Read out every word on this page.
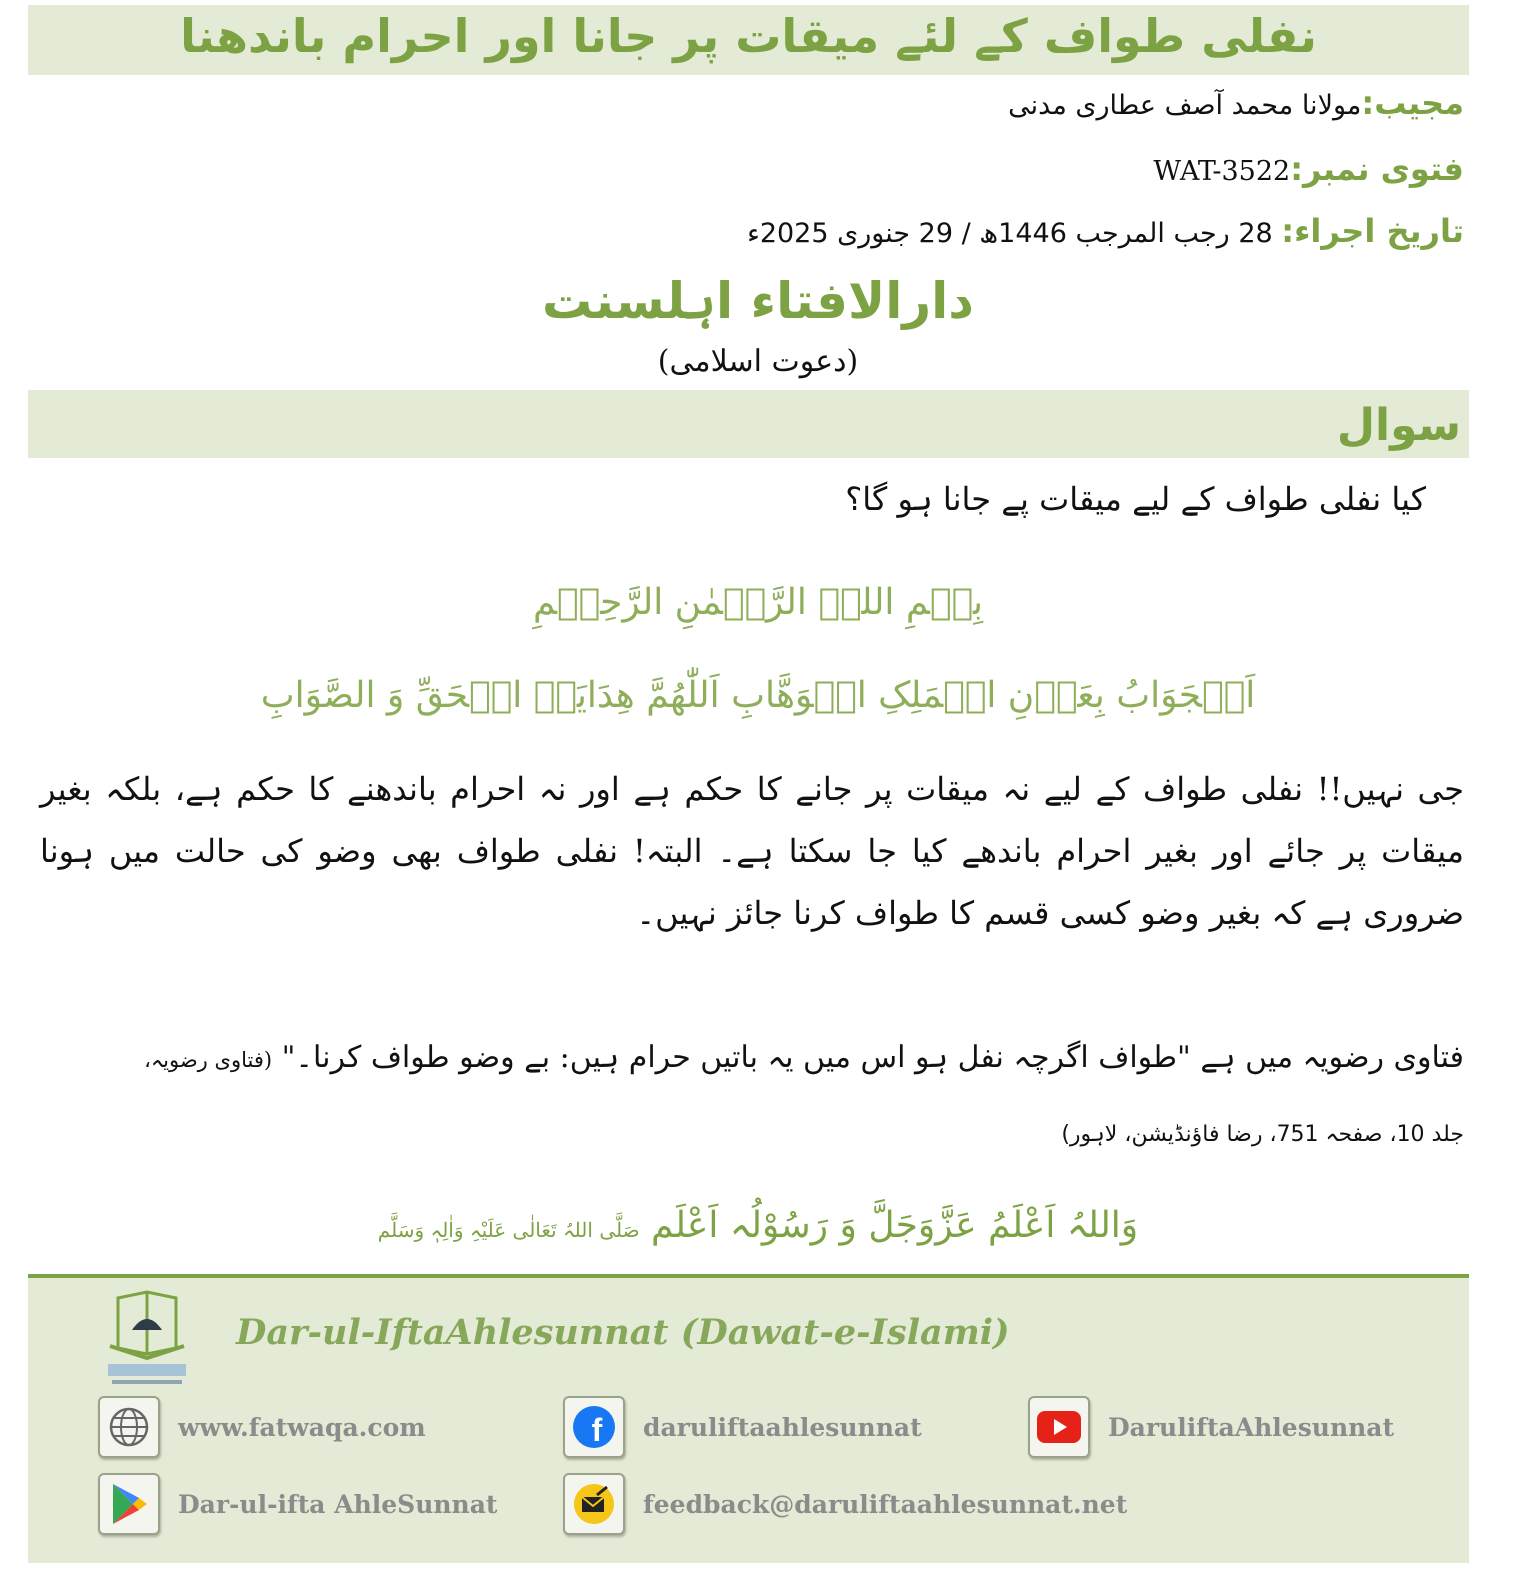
نفلی طواف کے لئے میقات پر جانا اور احرام باندھنا
مجیب:مولانا محمد آصف عطاری مدنی
فتوی نمبر:WAT-3522
تاریخ اجراء: 28 رجب المرجب 1446ھ / 29 جنوری 2025ء
دارالافتاء اہلسنت
(دعوت اسلامی)
سوال
کیا نفلی طواف کے لیے میقات پے جانا ہو گا؟
بِسۡمِ اللہِ الرَّحۡمٰنِ الرَّحِیۡمِ
اَلۡجَوَابُ بِعَوۡنِ الۡمَلِکِ الۡوَھَّابِ اَللّٰھُمَّ ھِدَایَۃَ الۡحَقِّ وَ الصَّوَابِ
جی نہیں!! نفلی طواف کے لیے نہ میقات پر جانے کا حکم ہے اور نہ احرام باندھنے کا حکم ہے، بلکہ بغیر میقات پر جائے اور بغیر احرام باندھے کیا جا سکتا ہے۔ البتہ! نفلی طواف بھی وضو کی حالت میں ہونا ضروری ہے کہ بغیر وضو کسی قسم کا طواف کرنا جائز نہیں۔
فتاوی رضویہ میں ہے "طواف اگرچہ نفل ہو اس میں یہ باتیں حرام ہیں: بے وضو طواف کرنا۔" (فتاوی رضویہ،
جلد 10، صفحہ 751، رضا فاؤنڈیشن، لاہور)
وَاللہُ اَعْلَمُ عَزَّوَجَلَّ وَ رَسُوْلُہ اَعْلَم صَلَّی اللہُ تَعَالٰی عَلَیْہِ وَاٰلِہٖ وَسَلَّم
Dar-ul-IftaAhlesunnat (Dawat-e-Islami)
www.fatwaqa.com	f daruliftaahlesunnat	DaruliftaAhlesunnat
Dar-ul-ifta AhleSunnat	feedback@daruliftaahlesunnat.net
